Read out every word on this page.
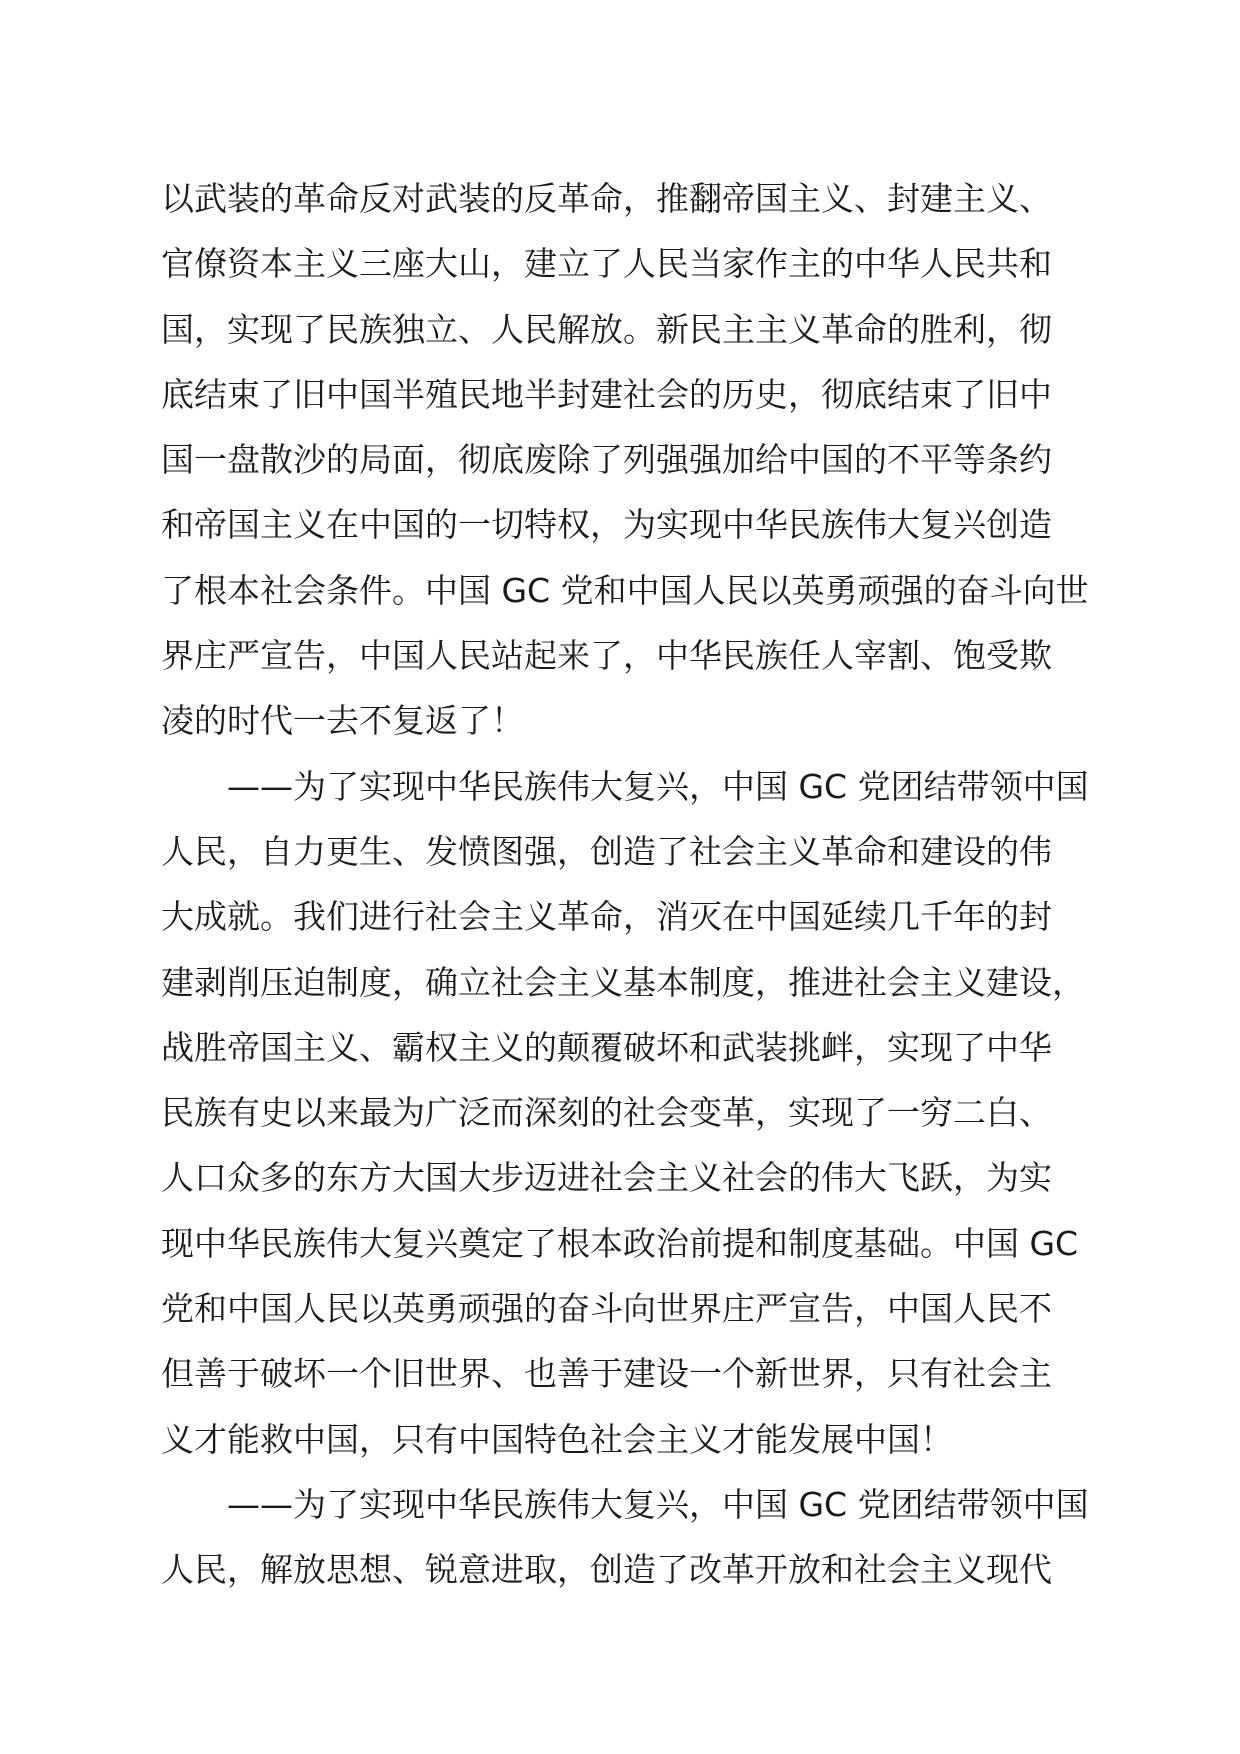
以武装的革命反对武装的反革命，推翻帝国主义、封建主义、
官僚资本主义三座大山，建立了人民当家作主的中华人民共和
国，实现了民族独立、人民解放。新民主主义革命的胜利，彻
底结束了旧中国半殖民地半封建社会的历史，彻底结束了旧中
国一盘散沙的局面，彻底废除了列强强加给中国的不平等条约
和帝国主义在中国的一切特权，为实现中华民族伟大复兴创造
了根本社会条件。中国 GC 党和中国人民以英勇顽强的奋斗向世
界庄严宣告，中国人民站起来了，中华民族任人宰割、饱受欺
凌的时代一去不复返了！
　　——为了实现中华民族伟大复兴，中国 GC 党团结带领中国
人民，自力更生、发愤图强，创造了社会主义革命和建设的伟
大成就。我们进行社会主义革命，消灭在中国延续几千年的封
建剥削压迫制度，确立社会主义基本制度，推进社会主义建设，
战胜帝国主义、霸权主义的颠覆破坏和武装挑衅，实现了中华
民族有史以来最为广泛而深刻的社会变革，实现了一穷二白、
人口众多的东方大国大步迈进社会主义社会的伟大飞跃，为实
现中华民族伟大复兴奠定了根本政治前提和制度基础。中国 GC
党和中国人民以英勇顽强的奋斗向世界庄严宣告，中国人民不
但善于破坏一个旧世界、也善于建设一个新世界，只有社会主
义才能救中国，只有中国特色社会主义才能发展中国！
　　——为了实现中华民族伟大复兴，中国 GC 党团结带领中国
人民，解放思想、锐意进取，创造了改革开放和社会主义现代
